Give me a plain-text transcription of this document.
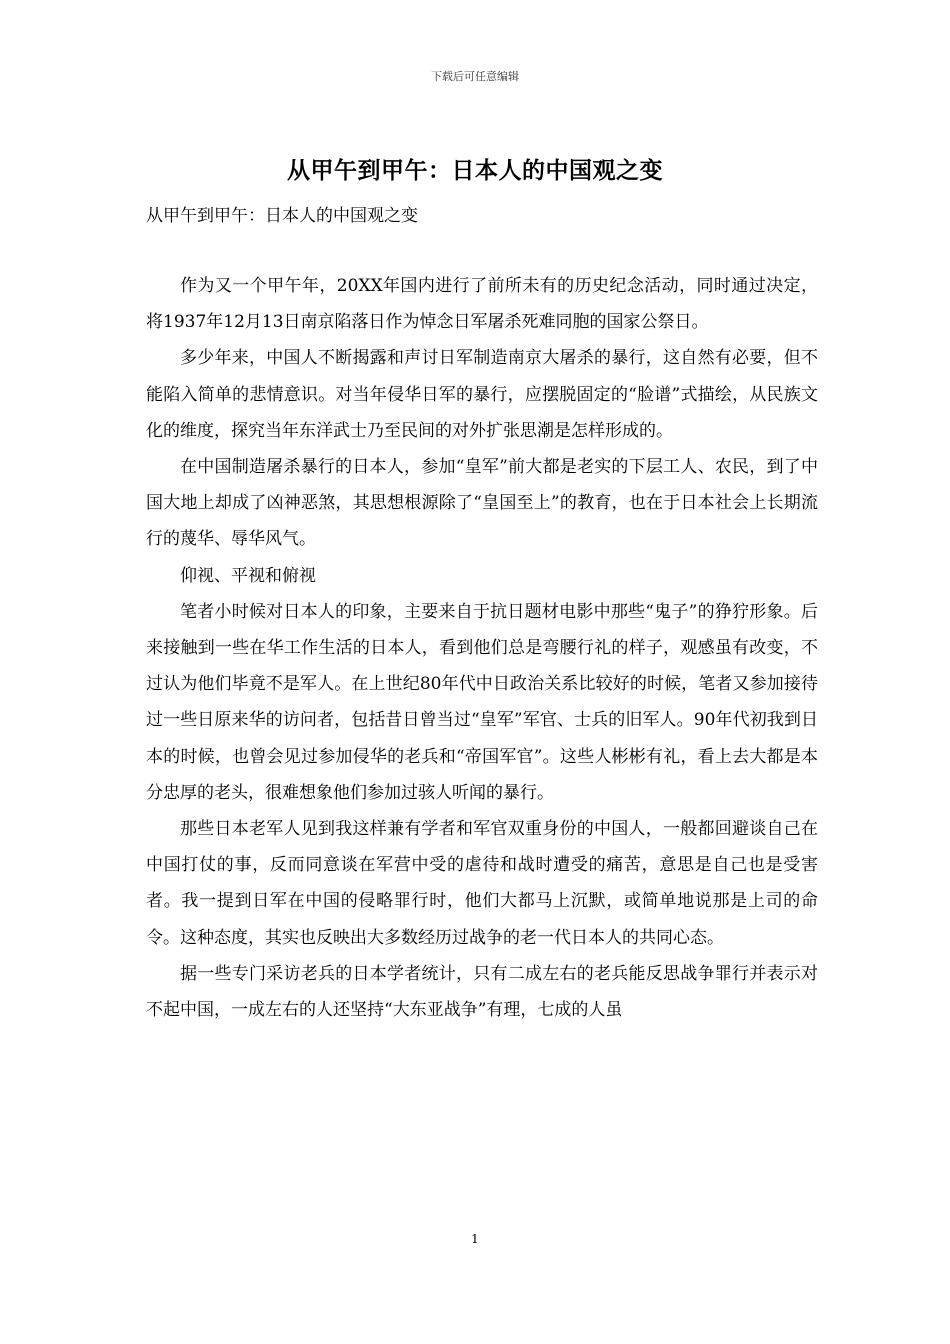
下载后可任意编辑
从甲午到甲午：日本人的中国观之变
从甲午到甲午：日本人的中国观之变

作为又一个甲午年，20XX年国内进行了前所未有的历史纪念活动，同时通过决定，将1937年12月13日南京陷落日作为悼念日军屠杀死难同胞的国家公祭日。

多少年来，中国人不断揭露和声讨日军制造南京大屠杀的暴行，这自然有必要，但不能陷入简单的悲情意识。对当年侵华日军的暴行，应摆脱固定的“脸谱”式描绘，从民族文化的维度，探究当年东洋武士乃至民间的对外扩张思潮是怎样形成的。

在中国制造屠杀暴行的日本人，参加“皇军”前大都是老实的下层工人、农民，到了中国大地上却成了凶神恶煞，其思想根源除了“皇国至上”的教育，也在于日本社会上长期流行的蔑华、辱华风气。

仰视、平视和俯视

笔者小时候对日本人的印象，主要来自于抗日题材电影中那些“鬼子”的狰狞形象。后来接触到一些在华工作生活的日本人，看到他们总是弯腰行礼的样子，观感虽有改变，不过认为他们毕竟不是军人。在上世纪80年代中日政治关系比较好的时候，笔者又参加接待过一些日原来华的访问者，包括昔日曾当过“皇军”军官、士兵的旧军人。90年代初我到日本的时候，也曾会见过参加侵华的老兵和“帝国军官”。这些人彬彬有礼，看上去大都是本分忠厚的老头，很难想象他们参加过骇人听闻的暴行。

那些日本老军人见到我这样兼有学者和军官双重身份的中国人，一般都回避谈自己在中国打仗的事，反而同意谈在军营中受的虐待和战时遭受的痛苦，意思是自己也是受害者。我一提到日军在中国的侵略罪行时，他们大都马上沉默，或简单地说那是上司的命令。这种态度，其实也反映出大多数经历过战争的老一代日本人的共同心态。

据一些专门采访老兵的日本学者统计，只有二成左右的老兵能反思战争罪行并表示对不起中国，一成左右的人还坚持“大东亚战争”有理，七成的人虽

1
